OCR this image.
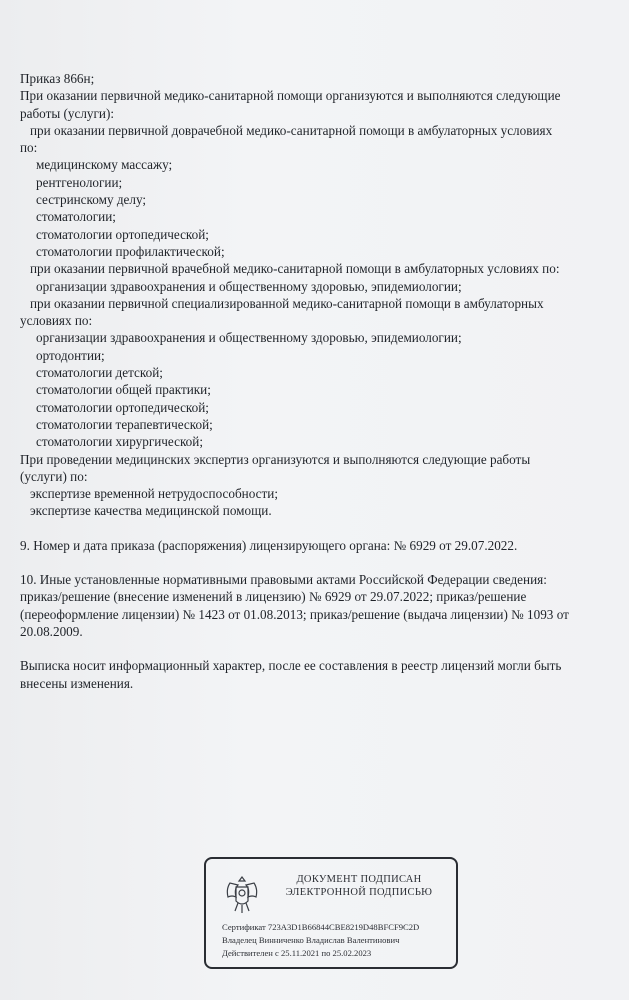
Приказ 866н;
При оказании первичной медико-санитарной помощи организуются и выполняются следующие
работы (услуги):
при оказании первичной доврачебной медико-санитарной помощи в амбулаторных условиях
по:
медицинскому массажу;
рентгенологии;
сестринскому делу;
стоматологии;
стоматологии ортопедической;
стоматологии профилактической;
при оказании первичной врачебной медико-санитарной помощи в амбулаторных условиях по:
организации здравоохранения и общественному здоровью, эпидемиологии;
при оказании первичной специализированной медико-санитарной помощи в амбулаторных
условиях по:
организации здравоохранения и общественному здоровью, эпидемиологии;
ортодонтии;
стоматологии детской;
стоматологии общей практики;
стоматологии ортопедической;
стоматологии терапевтической;
стоматологии хирургической;
При проведении медицинских экспертиз организуются и выполняются следующие работы
(услуги) по:
экспертизе временной нетрудоспособности;
экспертизе качества медицинской помощи.
9. Номер и дата приказа (распоряжения) лицензирующего органа: № 6929 от 29.07.2022.
10. Иные установленные нормативными правовыми актами Российской Федерации сведения:
приказ/решение (внесение изменений в лицензию) № 6929 от 29.07.2022; приказ/решение
(переоформление лицензии) № 1423 от 01.08.2013; приказ/решение (выдача лицензии) № 1093 от
20.08.2009.
Выписка носит информационный характер, после ее составления в реестр лицензий могли быть
внесены изменения.
ДОКУМЕНТ ПОДПИСАН
ЭЛЕКТРОННОЙ ПОДПИСЬЮ
Сертификат 723A3D1B66844CBE8219D48BFCF9C2D
Владелец Винниченко Владислав Валентинович
Действителен с 25.11.2021 по 25.02.2023
